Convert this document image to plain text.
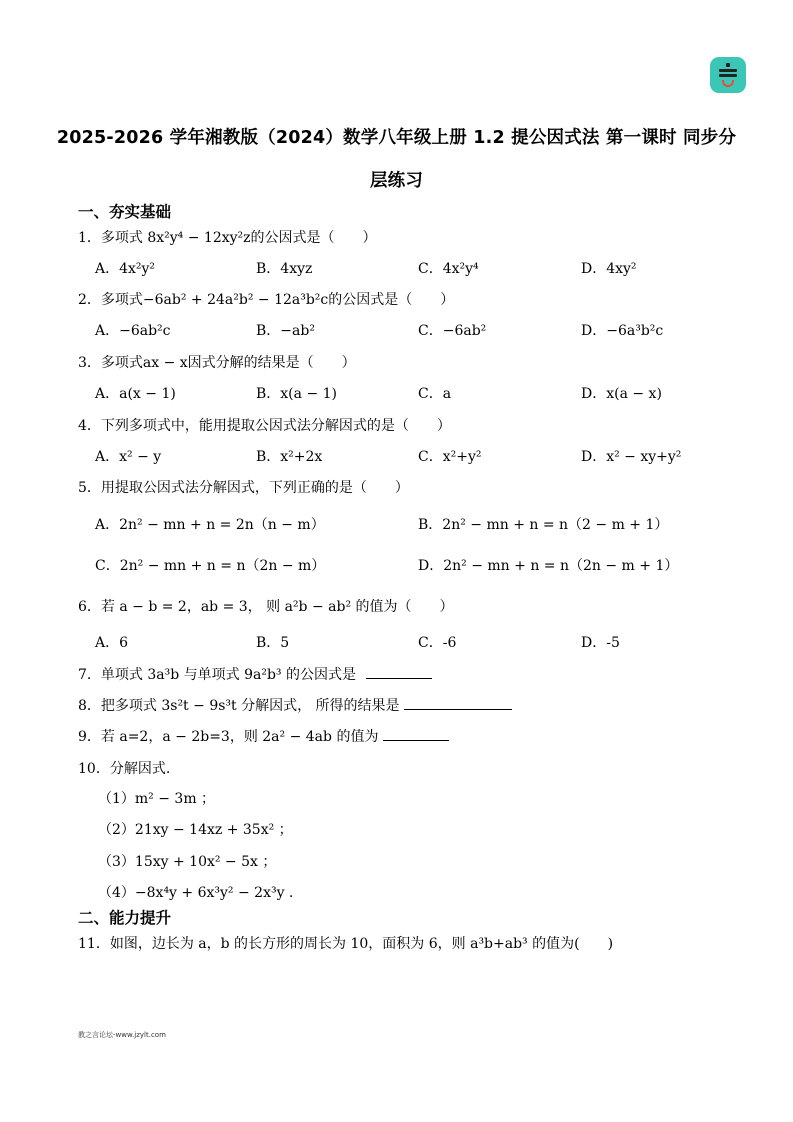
2025-2026 学年湘教版（2024）数学八年级上册 1.2 提公因式法 第一课时 同步分
层练习
一、夯实基础
1．多项式 8x²y⁴ − 12xy²z的公因式是（　　）
A．4x²y²	B．4xyz	C．4x²y⁴	D．4xy²
2．多项式−6ab² + 24a²b² − 12a³b²c的公因式是（　　）
A．−6ab²c	B．−ab²	C．−6ab²	D．−6a³b²c
3．多项式ax − x因式分解的结果是（　　）
A．a(x − 1)	B．x(a − 1)	C．a	D．x(a − x)
4．下列多项式中，能用提取公因式法分解因式的是（　　）
A．x² − y	B．x²+2x	C．x²+y²	D．x² − xy+y²
5．用提取公因式法分解因式，下列正确的是（　　）
A．2n² − mn + n = 2n（n − m）	B．2n² − mn + n = n（2 − m + 1）
C．2n² − mn + n = n（2n − m）	D．2n² − mn + n = n（2n − m + 1）
6．若 a − b = 2，ab = 3， 则 a²b − ab² 的值为（　　）
A．6	B．5	C．-6	D．-5
7．单项式 3a³b 与单项式 9a²b³ 的公因式是
8．把多项式 3s²t − 9s³t 分解因式， 所得的结果是
9．若 a=2，a − 2b=3，则 2a² − 4ab 的值为
10．分解因式.
（1）m² − 3m ；
（2）21xy − 14xz + 35x² ；
（3）15xy + 10x² − 5x ；
（4）−8x⁴y + 6x³y² − 2x³y .
二、能力提升
11．如图，边长为 a，b 的长方形的周长为 10，面积为 6，则 a³b+ab³ 的值为(　　)
教之言论坛-www.jzylt.com
